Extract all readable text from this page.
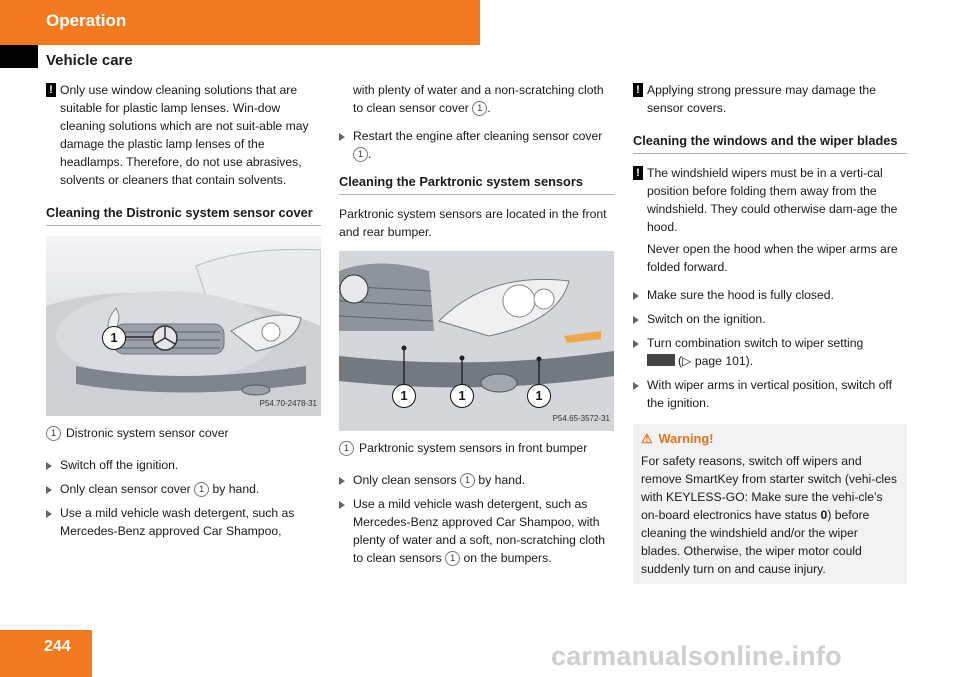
Operation
Vehicle care
! Only use window cleaning solutions that are suitable for plastic lamp lenses. Win-dow cleaning solutions which are not suit-able may damage the plastic lamp lenses of the headlamps. Therefore, do not use abrasives, solvents or cleaners that contain solvents.
Cleaning the Distronic system sensor cover
1
P54.70-2478-31
1 Distronic system sensor cover
Switch off the ignition.
Only clean sensor cover 1 by hand.
Use a mild vehicle wash detergent, such as Mercedes-Benz approved Car Shampoo,
with plenty of water and a non-scratching cloth to clean sensor cover 1 .
Restart the engine after cleaning sensor cover 1 .
Cleaning the Parktronic system sensors
Parktronic system sensors are located in the front and rear bumper.
1	1	1
P54.65-3572-31
1 Parktronic system sensors in front bumper
Only clean sensors 1 by hand.
Use a mild vehicle wash detergent, such as Mercedes-Benz approved Car Shampoo, with plenty of water and a soft, non-scratching cloth to clean sensors 1 on the bumpers.
! Applying strong pressure may damage the sensor covers.
Cleaning the windows and the wiper blades
! The windshield wipers must be in a verti-cal position before folding them away from the windshield. They could otherwise dam-age the hood.
Never open the hood when the wiper arms are folded forward.
Make sure the hood is fully closed.
Switch on the ignition.
Turn combination switch to wiper setting
(▷ page 101).
With wiper arms in vertical position, switch off the ignition.
⚠ Warning!
For safety reasons, switch off wipers and remove SmartKey from starter switch (vehi-cles with KEYLESS-GO: Make sure the vehi-cle’s on-board electronics have status 0) before cleaning the windshield and/or the wiper blades. Otherwise, the wiper motor could suddenly turn on and cause injury.
244	carmanualsonline.info
